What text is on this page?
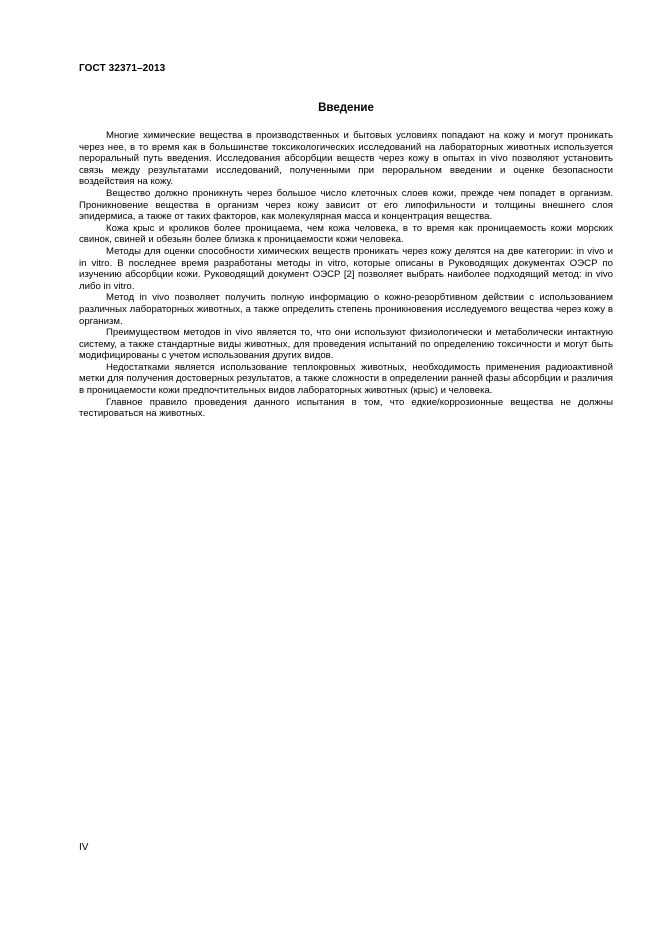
ГОСТ 32371–2013
Введение

Многие химические вещества в производственных и бытовых условиях попадают на кожу и могут проникать через нее, в то время как в большинстве токсикологических исследований на лабораторных животных используется пероральный путь введения. Исследования абсорбции веществ через кожу в опытах in vivo позволяют установить связь между результатами исследований, полученными при пероральном введении и оценке безопасности воздействия на кожу.

Вещество должно проникнуть через большое число клеточных слоев кожи, прежде чем попадет в организм. Проникновение вещества в организм через кожу зависит от его липофильности и толщины внешнего слоя эпидермиса, а также от таких факторов, как молекулярная масса и концентрация вещества.

Кожа крыс и кроликов более проницаема, чем кожа человека, в то время как проницаемость кожи морских свинок, свиней и обезьян более близка к проницаемости кожи человека.

Методы для оценки способности химических веществ проникать через кожу делятся на две категории: in vivo и in vitro. В последнее время разработаны методы in vitro, которые описаны в Руководящих документах ОЭСР по изучению абсорбции кожи. Руководящий документ ОЭСР [2] позволяет выбрать наиболее подходящий метод: in vivo либо in vitro.

Метод in vivo позволяет получить полную информацию о кожно-резорбтивном действии с использованием различных лабораторных животных, а также определить степень проникновения исследуемого вещества через кожу в организм.

Преимуществом методов in vivo является то, что они используют физиологически и метаболически интактную систему, а также стандартные виды животных, для проведения испытаний по определению токсичности и могут быть модифицированы с учетом использования других видов.

Недостатками является использование теплокровных животных, необходимость применения радиоактивной метки для получения достоверных результатов, а также сложности в определении ранней фазы абсорбции и различия в проницаемости кожи предпочтительных видов лабораторных животных (крыс) и человека.

Главное правило проведения данного испытания в том, что едкие/коррозионные вещества не должны тестироваться на животных.

IV
